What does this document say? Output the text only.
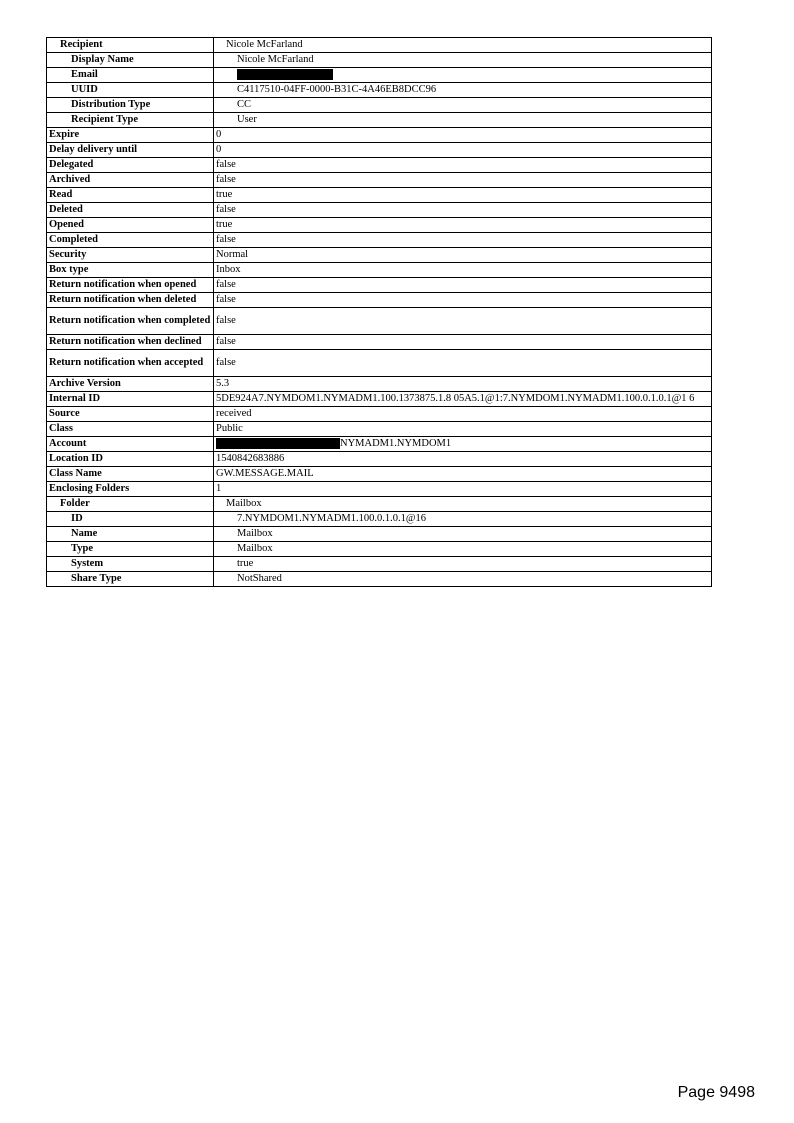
Recipient	Nicole McFarland
Display Name	Nicole McFarland
Email	
UUID	C4117510-04FF-0000-B31C-4A46EB8DCC96
Distribution Type	CC
Recipient Type	User
Expire	0
Delay delivery until	0
Delegated	false
Archived	false
Read	true
Deleted	false
Opened	true
Completed	false
Security	Normal
Box type	Inbox
Return notification when opened	false
Return notification when deleted	false
Return notification when completed	false
Return notification when declined	false
Return notification when accepted	false
Archive Version	5.3
Internal ID	5DE924A7.NYMDOM1.NYMADM1.100.1373875.1.8 05A5.1@1:7.NYMDOM1.NYMADM1.100.0.1.0.1@1 6
Source	received
Class	Public
Account	NYMADM1.NYMDOM1
Location ID	1540842683886
Class Name	GW.MESSAGE.MAIL
Enclosing Folders	1
Folder	Mailbox
ID	7.NYMDOM1.NYMADM1.100.0.1.0.1@16
Name	Mailbox
Type	Mailbox
System	true
Share Type	NotShared
Page 9498
